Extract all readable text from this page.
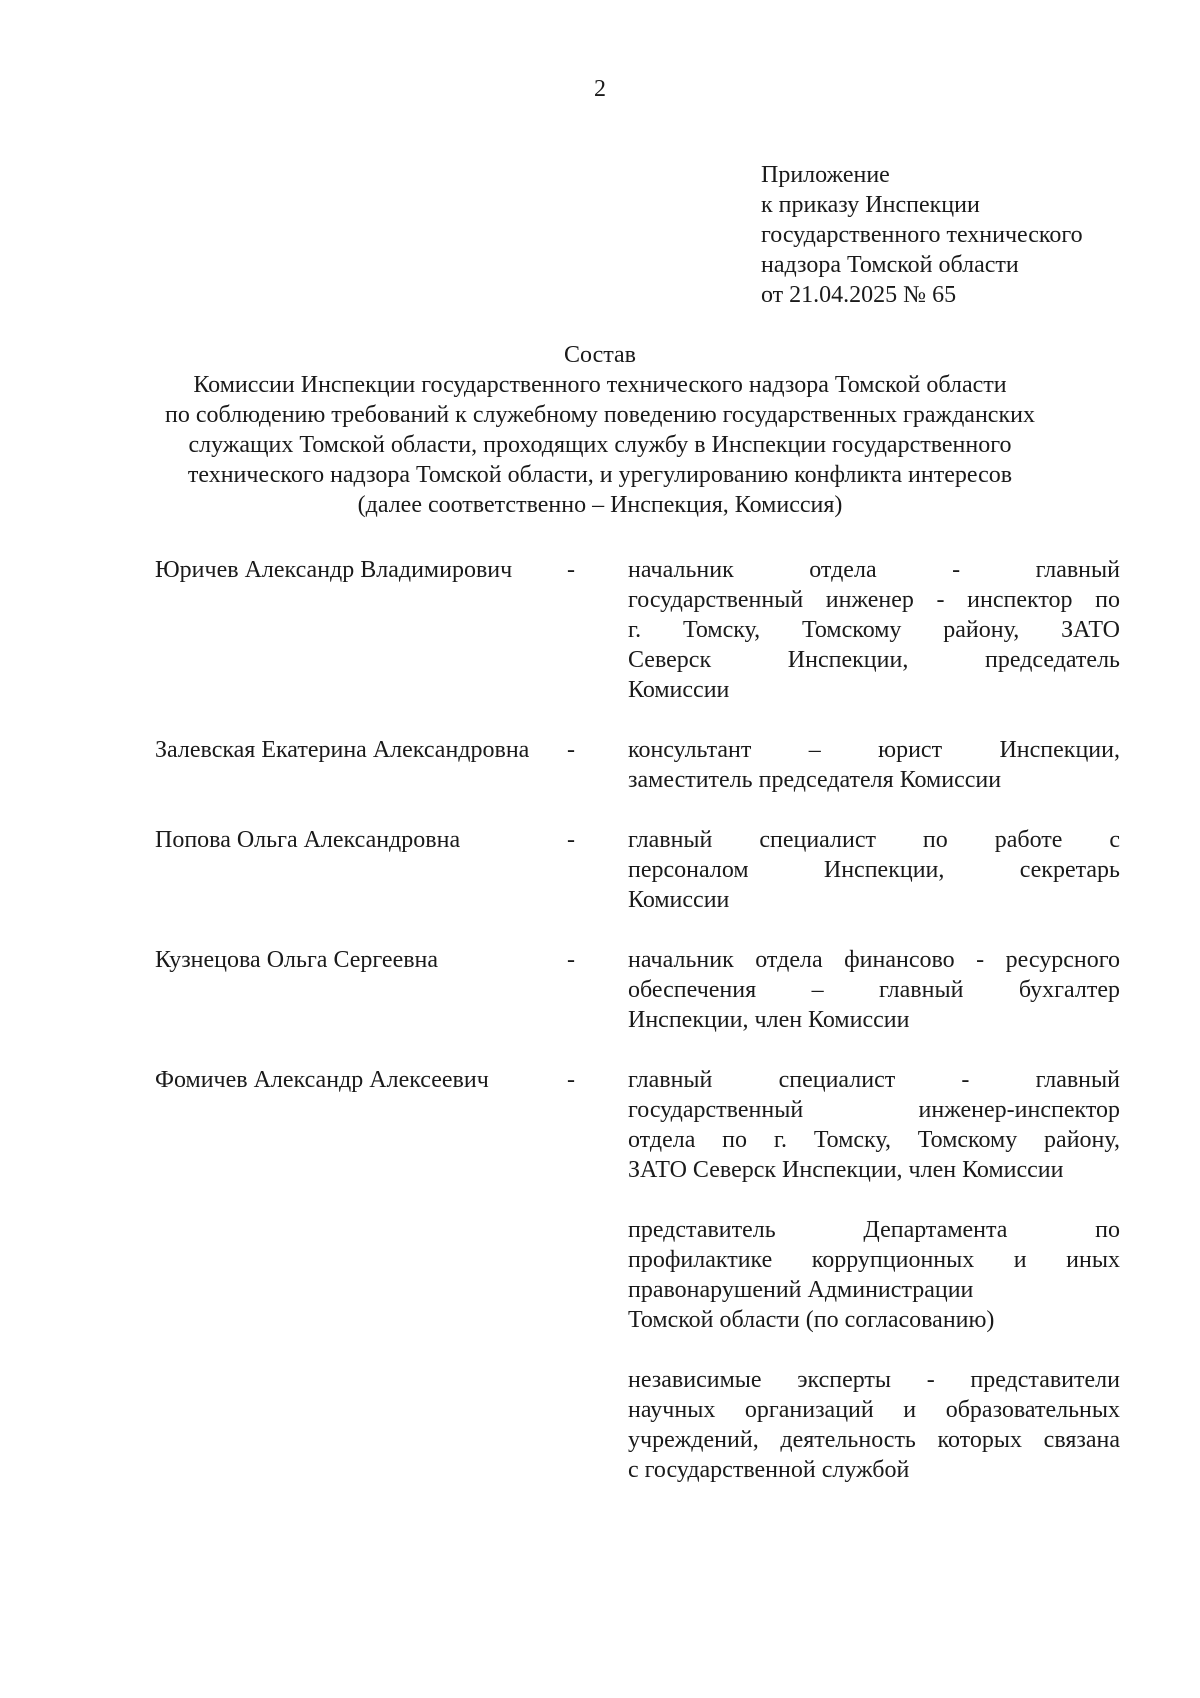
2
Приложение
к приказу Инспекции
государственного технического
надзора Томской области
от 21.04.2025 № 65
Состав
Комиссии Инспекции государственного технического надзора Томской области
по соблюдению требований к служебному поведению государственных гражданских
служащих Томской области, проходящих службу в Инспекции государственного
технического надзора Томской области, и урегулированию конфликта интересов
(далее соответственно – Инспекция, Комиссия)
Юричев Александр Владимирович	-	начальник отдела - главный
государственный инженер - инспектор по
г. Томску, Томскому району, ЗАТО
Северск Инспекции, председатель
Комиссии
Залевская Екатерина Александровна	-	консультант – юрист Инспекции,
заместитель председателя Комиссии
Попова Ольга Александровна	-	главный специалист по работе с
персоналом Инспекции, секретарь
Комиссии
Кузнецова Ольга Сергеевна	-	начальник отдела финансово - ресурсного
обеспечения – главный бухгалтер
Инспекции, член Комиссии
Фомичев Александр Алексеевич	-	главный специалист - главный
государственный инженер-инспектор
отдела по г. Томску, Томскому району,
ЗАТО Северск Инспекции, член Комиссии
представитель Департамента по
профилактике коррупционных и иных
правонарушений Администрации
Томской области (по согласованию)
независимые эксперты - представители
научных организаций и образовательных
учреждений, деятельность которых связана
с государственной службой
